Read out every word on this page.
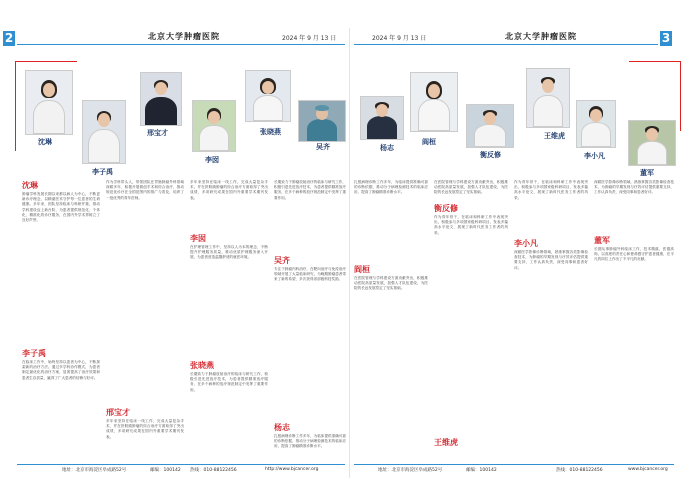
2	北京大学肿瘤医院	2024 年 9 月 13 日	2024 年 9 月 13 日	北京大学肿瘤医院	3
沈琳
李子禹
邢宝才
李囡
张晓燕
吴齐	杨志
阎桓
衡反修
王维虎
李小凡
董军
沈琳
肿瘤学科发展长期以来都以病人为中心，不断更新诊疗理念，以精湛医术守护每一位患者的生命健康。多年来，团队坚持临床与科研并重，推动学科建设迈上新台阶，为患者提供规范化、个体化、精准化的诊疗服务，在国内外学术界树立了良好声誉。
李子禹
在临床工作中，始终坚持以患者为中心，不断探索新的治疗方法。通过多学科协作模式，为患者制定最优化的治疗方案，显著提高了治疗效果和患者生存质量，赢得了广大患者的信赖与好评。
作为学科带头人，带领团队在胃肠肿瘤外科领域深耕多年，积极开展微创手术和综合治疗，推动规范化诊疗在全国范围内的推广与普及，培养了一批优秀的青年医师。
邢宝才
多年来坚持在临床一线工作，完成大量复杂手术，并在肝胆胰肿瘤的综合治疗方面取得了突出成绩，多项研究成果在国内外重要学术期刊发表。
多年来坚持在临床一线工作，完成大量复杂手术，并在肝胆胰肿瘤的综合治疗方面取得了突出成绩，多项研究成果在国内外重要学术期刊发表。
李囡
在护理管理工作中，坚持以人为本的理念，不断提升护理服务质量，推动优质护理服务深入开展，为患者营造温馨舒适的就医环境。
张晓燕
长期致力于肿瘤放射治疗的临床与研究工作，积极引进先进放疗技术，为患者提供精准放疗服务，在多个病种的放疗规范制定中发挥了重要作用。
长期致力于肿瘤放射治疗的临床与研究工作，积极引进先进放疗技术，为患者提供精准放疗服务，在多个病种的放疗规范制定中发挥了重要作用。
吴齐
专注于肿瘤内科治疗，在靶向治疗与免疫治疗领域开展了大量临床研究，为晚期肿瘤患者带来了新的希望，多次获得省部级科技奖励。
杨志
扎根病理诊断工作多年，为临床提供准确可靠的诊断依据，推动分子病理检测技术的临床应用，提高了肿瘤精准诊断水平。
扎根病理诊断工作多年，为临床提供准确可靠的诊断依据，推动分子病理检测技术的临床应用，提高了肿瘤精准诊断水平。
阎桓
在医院管理与学科建设方面贡献突出，积极推动医院高质量发展，加强人才队伍建设，为医院的长远发展奠定了坚实基础。
在医院管理与学科建设方面贡献突出，积极推动医院高质量发展，加强人才队伍建设，为医院的长远发展奠定了坚实基础。
衡反修
作为青年骨干，在临床和科研工作中表现突出，积极参与多项国家级科研项目，发表多篇高水平论文，展现了新时代医务工作者的风采。
王维虎
作为青年骨干，在临床和科研工作中表现突出，积极参与多项国家级科研项目，发表多篇高水平论文，展现了新时代医务工作者的风采。
李小凡
深耕医学影像诊断领域，熟练掌握各类影像检查技术，为肿瘤的早期发现与疗效评估提供重要支持，工作认真负责，深受同事和患者好评。
深耕医学影像诊断领域，熟练掌握各类影像检查技术，为肿瘤的早期发现与疗效评估提供重要支持，工作认真负责，深受同事和患者好评。
董军
长期从事肿瘤外科临床工作，技术精湛，医德高尚，以高度的责任心和使命感守护患者健康，在平凡的岗位上作出了不平凡的贡献。
地址：北京市海淀区阜成路52号	邮编：100142 热线：010-88122456	http://www.bjcancer.org	地址：北京市海淀区阜成路52号	邮编：100142	热线：010-88122456	www.bjcancer.org
